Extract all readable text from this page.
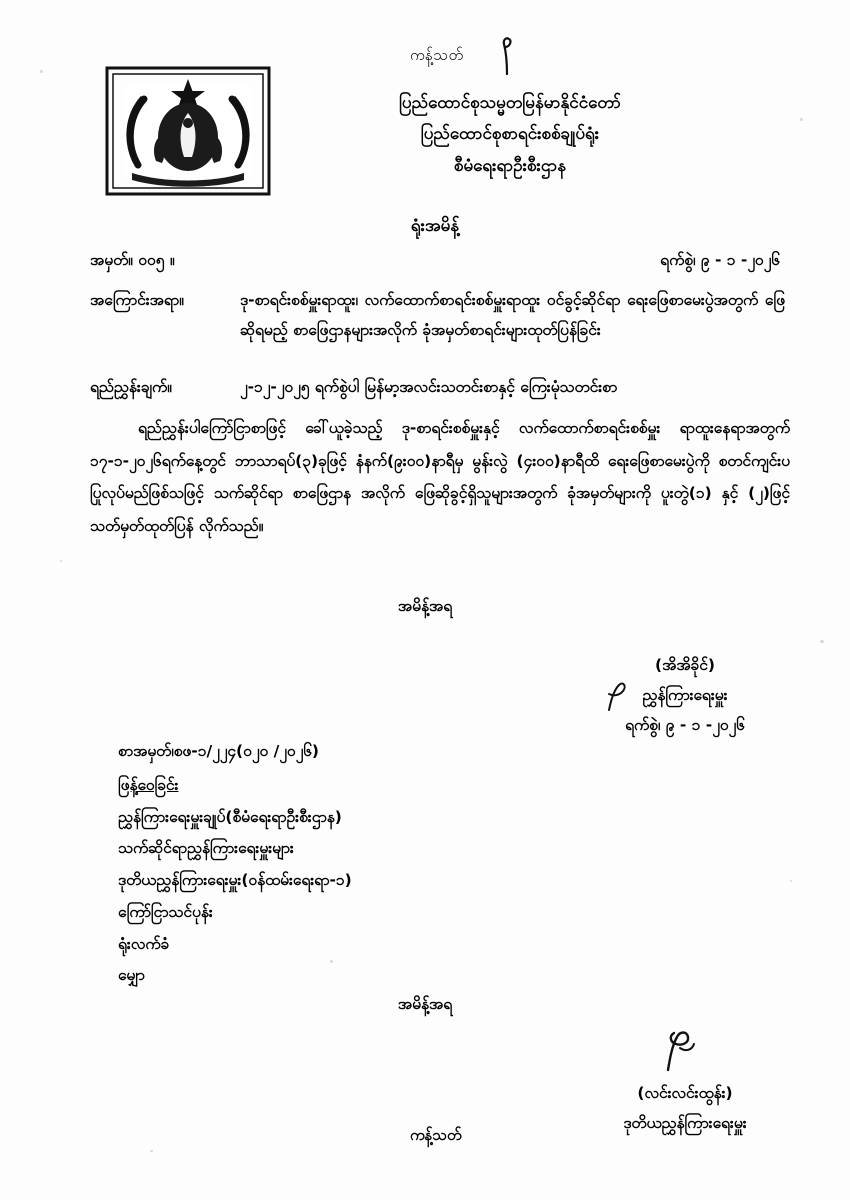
ကန့်သတ်
ပြည်ထောင်စုသမ္မတမြန်မာနိုင်ငံတော်
ပြည်ထောင်စုစာရင်းစစ်ချုပ်ရုံး
စီမံရေးရာဦးစီးဌာန
ရုံးအမိန့်
အမှတ်။ ၀၀၅ ။	ရက်စွဲ၊ ၉ - ၁ -၂၀၂၆
အကြောင်းအရာ။	ဒု-စာရင်းစစ်မှူးရာထူး၊ လက်ထောက်စာရင်းစစ်မှူးရာထူး ဝင်ခွင့်ဆိုင်ရာ ရေးဖြေစာမေးပွဲအတွက် ဖြေဆိုရမည့် စာဖြေဌာနများအလိုက် ခုံအမှတ်စာရင်းများထုတ်ပြန်ခြင်း
ရည်ညွှန်းချက်။	၂-၁၂-၂၀၂၅ ရက်စွဲပါ မြန်မာ့အလင်းသတင်းစာနှင့် ကြေးမုံသတင်းစာ
ရည်ညွှန်းပါကြော်ငြာစာဖြင့် ခေါ်ယူခဲ့သည့် ဒု-စာရင်းစစ်မှူးနှင့် လက်ထောက်စာရင်းစစ်မှူး ရာထူးနေရာအတွက် ၁၇-၁-၂၀၂၆ရက်နေ့တွင် ဘာသာရပ်(၃)ခုဖြင့် နံနက်(၉း၀၀)နာရီမှ မွန်းလွဲ (၄း၀၀)နာရီထိ ရေးဖြေစာမေးပွဲကို စတင်ကျင်းပပြုလုပ်မည်ဖြစ်သဖြင့် သက်ဆိုင်ရာ စာဖြေဌာန အလိုက် ဖြေဆိုခွင့်ရှိသူများအတွက် ခုံအမှတ်များကို ပူးတွဲ(၁) နှင့် (၂)ဖြင့် သတ်မှတ်ထုတ်ပြန် လိုက်သည်။
အမိန့်အရ
(အိအိခိုင်)
ညွှန်ကြားရေးမှူး
ရက်စွဲ၊ ၉ - ၁ -၂၀၂၆
စာအမှတ်၊စဖ-၁/၂၂၄(၀၂၀ /၂၀၂၆)
ဖြန့်ဝေခြင်း
ညွှန်ကြားရေးမှူးချုပ်(စီမံရေးရာဦးစီးဌာန)
သက်ဆိုင်ရာညွှန်ကြားရေးမှူးများ
ဒုတိယညွှန်ကြားရေးမှူး(ဝန်ထမ်းရေးရာ-၁)
ကြော်ငြာသင်ပုန်း
ရုံးလက်ခံ
မျှော
အမိန့်အရ
(လင်းလင်းထွန်း)
ဒုတိယညွှန်ကြားရေးမှူး
ကန့်သတ်
